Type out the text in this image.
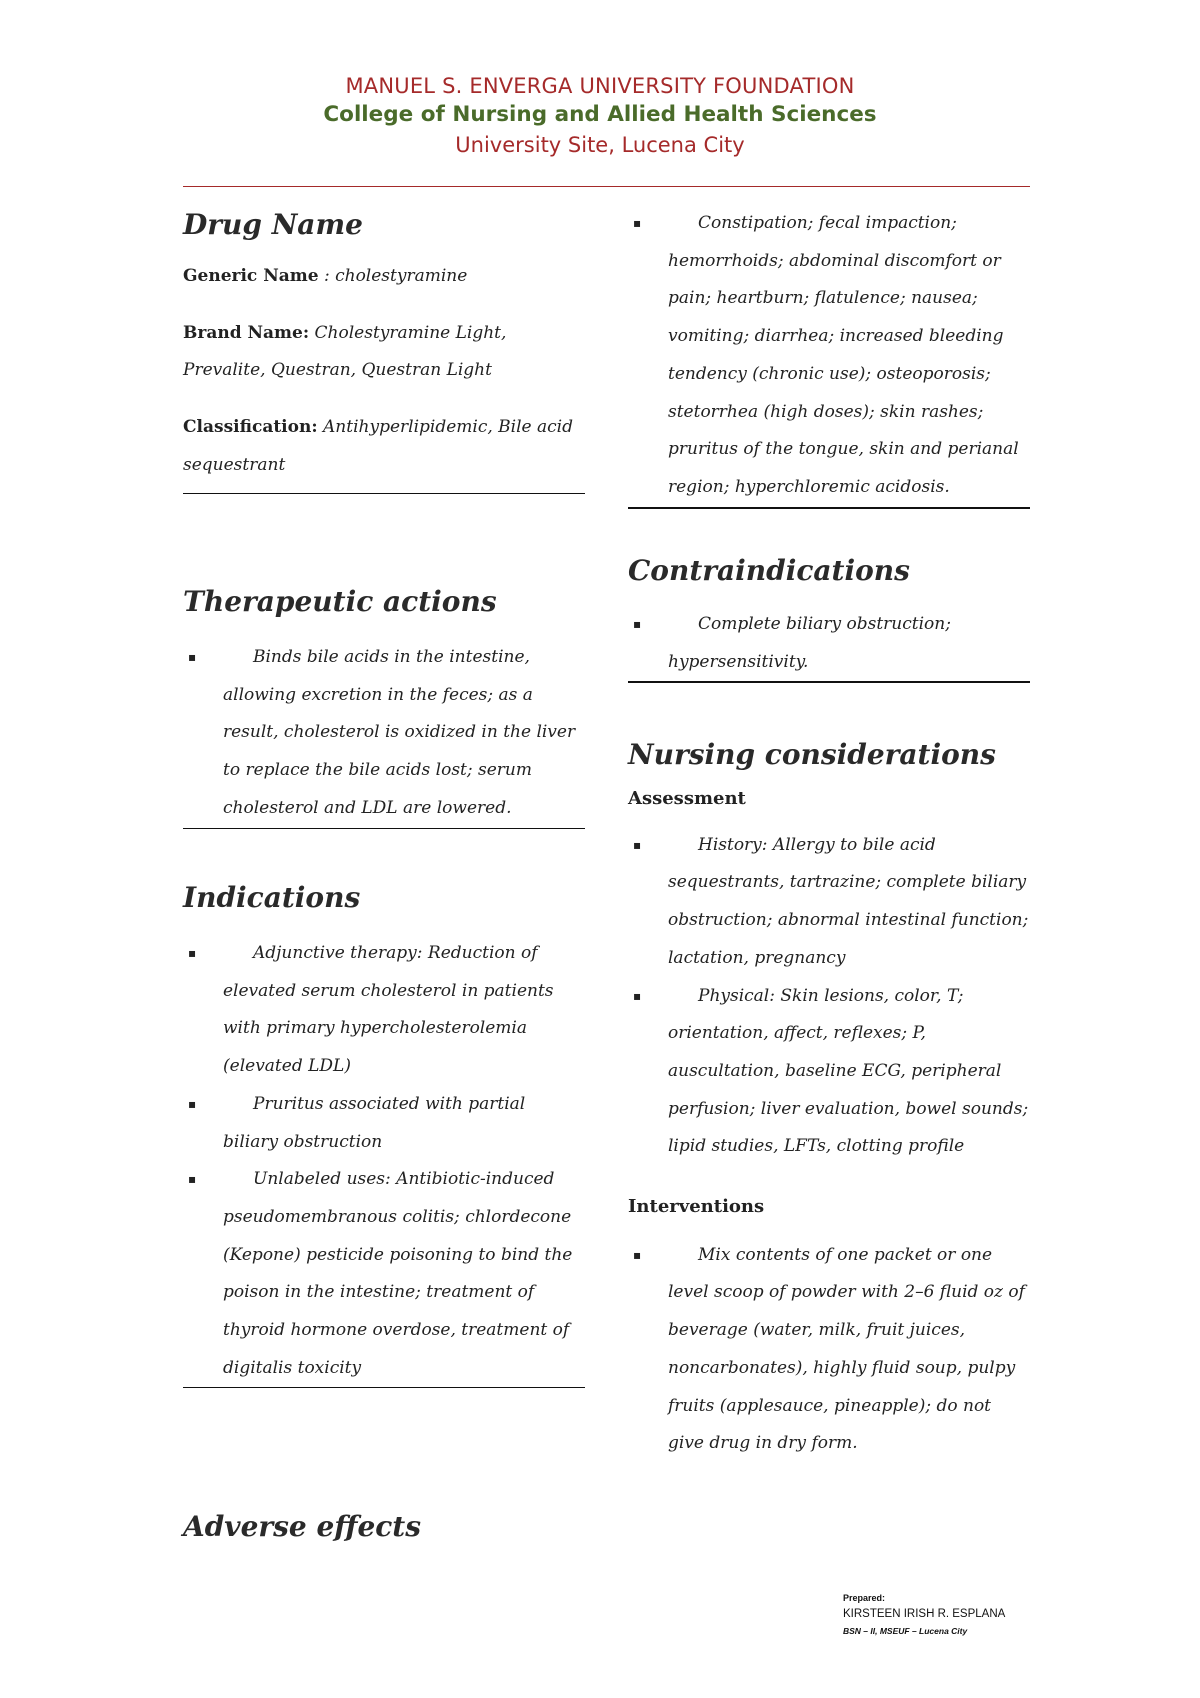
MANUEL S. ENVERGA UNIVERSITY FOUNDATION
College of Nursing and Allied Health Sciences
University Site, Lucena City
Drug Name
Generic Name : cholestyramine
Brand Name: Cholestyramine Light, Prevalite, Questran, Questran Light
Classification: Antihyperlipidemic, Bile acid sequestrant
Therapeutic actions
▪ Binds bile acids in the intestine, allowing excretion in the feces; as a result, cholesterol is oxidized in the liver to replace the bile acids lost; serum cholesterol and LDL are lowered.
Indications
▪ Adjunctive therapy: Reduction of elevated serum cholesterol in patients with primary hypercholesterolemia (elevated LDL)
▪ Pruritus associated with partial biliary obstruction
▪ Unlabeled uses: Antibiotic-induced pseudomembranous colitis; chlordecone (Kepone) pesticide poisoning to bind the poison in the intestine; treatment of thyroid hormone overdose, treatment of digitalis toxicity
Adverse effects
▪ Constipation; fecal impaction; hemorrhoids; abdominal discomfort or pain; heartburn; flatulence; nausea; vomiting; diarrhea; increased bleeding tendency (chronic use); osteoporosis; stetorrhea (high doses); skin rashes; pruritus of the tongue, skin and perianal region; hyperchloremic acidosis.
Contraindications
▪ Complete biliary obstruction; hypersensitivity.
Nursing considerations
Assessment
▪ History: Allergy to bile acid sequestrants, tartrazine; complete biliary obstruction; abnormal intestinal function; lactation, pregnancy
▪ Physical: Skin lesions, color, T; orientation, affect, reflexes; P, auscultation, baseline ECG, peripheral perfusion; liver evaluation, bowel sounds; lipid studies, LFTs, clotting profile
Interventions
▪ Mix contents of one packet or one level scoop of powder with 2–6 fluid oz of beverage (water, milk, fruit juices, noncarbonates), highly fluid soup, pulpy fruits (applesauce, pineapple); do not give drug in dry form.
Prepared:
KIRSTEEN IRISH R. ESPLANA
BSN – II, MSEUF – Lucena City
